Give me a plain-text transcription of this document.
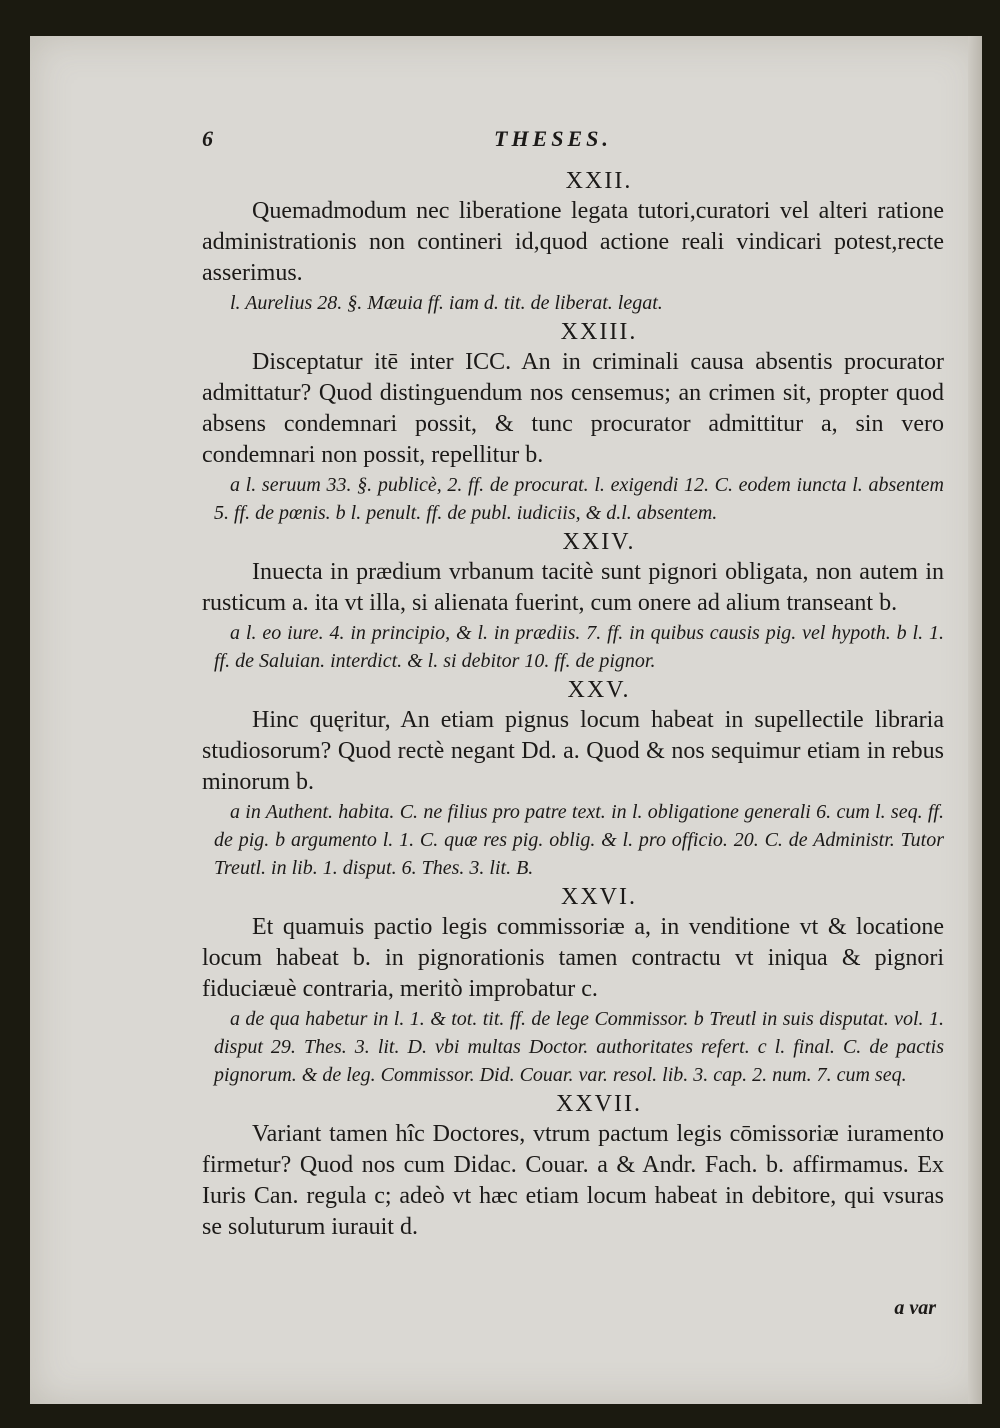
6	THESES.
XXII.

Quemadmodum nec liberatione legata tutori,curatori vel alteri ratione administrationis non contineri id,quod actione reali vindicari potest,recte asserimus.

l. Aurelius 28. §. Mæuia ff. iam d. tit. de liberat. legat.

XXIII.

Disceptatur itē inter ICC. An in criminali causa absentis procurator admittatur? Quod distinguendum nos censemus; an crimen sit, propter quod absens condemnari possit, & tunc procurator admittitur a, sin vero condemnari non possit, repellitur b.

a l. seruum 33. §. publicè, 2. ff. de procurat. l. exigendi 12. C. eodem iuncta l. absentem 5. ff. de pœnis. b l. penult. ff. de publ. iudiciis, & d.l. absentem.

XXIV.

Inuecta in prædium vrbanum tacitè sunt pignori obligata, non autem in rusticum a. ita vt illa, si alienata fuerint, cum onere ad alium transeant b.

a l. eo iure. 4. in principio, & l. in prædiis. 7. ff. in quibus causis pig. vel hypoth. b l. 1. ff. de Saluian. interdict. & l. si debitor 10. ff. de pignor.

XXV.

Hinc quęritur, An etiam pignus locum habeat in supellectile libraria studiosorum? Quod rectè negant Dd. a. Quod & nos sequimur etiam in rebus minorum b.

a in Authent. habita. C. ne filius pro patre text. in l. obligatione generali 6. cum l. seq. ff. de pig. b argumento l. 1. C. quæ res pig. oblig. & l. pro officio. 20. C. de Administr. Tutor Treutl. in lib. 1. disput. 6. Thes. 3. lit. B.

XXVI.

Et quamuis pactio legis commissoriæ a, in venditione vt & locatione locum habeat b. in pignorationis tamen contractu vt iniqua & pignori fiduciæuè contraria, meritò improbatur c.

a de qua habetur in l. 1. & tot. tit. ff. de lege Commissor. b Treutl in suis disputat. vol. 1. disput 29. Thes. 3. lit. D. vbi multas Doctor. authoritates refert. c l. final. C. de pactis pignorum. & de leg. Commissor. Did. Couar. var. resol. lib. 3. cap. 2. num. 7. cum seq.

XXVII.

Variant tamen hîc Doctores, vtrum pactum legis cōmissoriæ iuramento firmetur? Quod nos cum Didac. Couar. a & Andr. Fach. b. affirmamus. Ex Iuris Can. regula c; adeò vt hæc etiam locum habeat in debitore, qui vsuras se soluturum iurauit d.

a var
